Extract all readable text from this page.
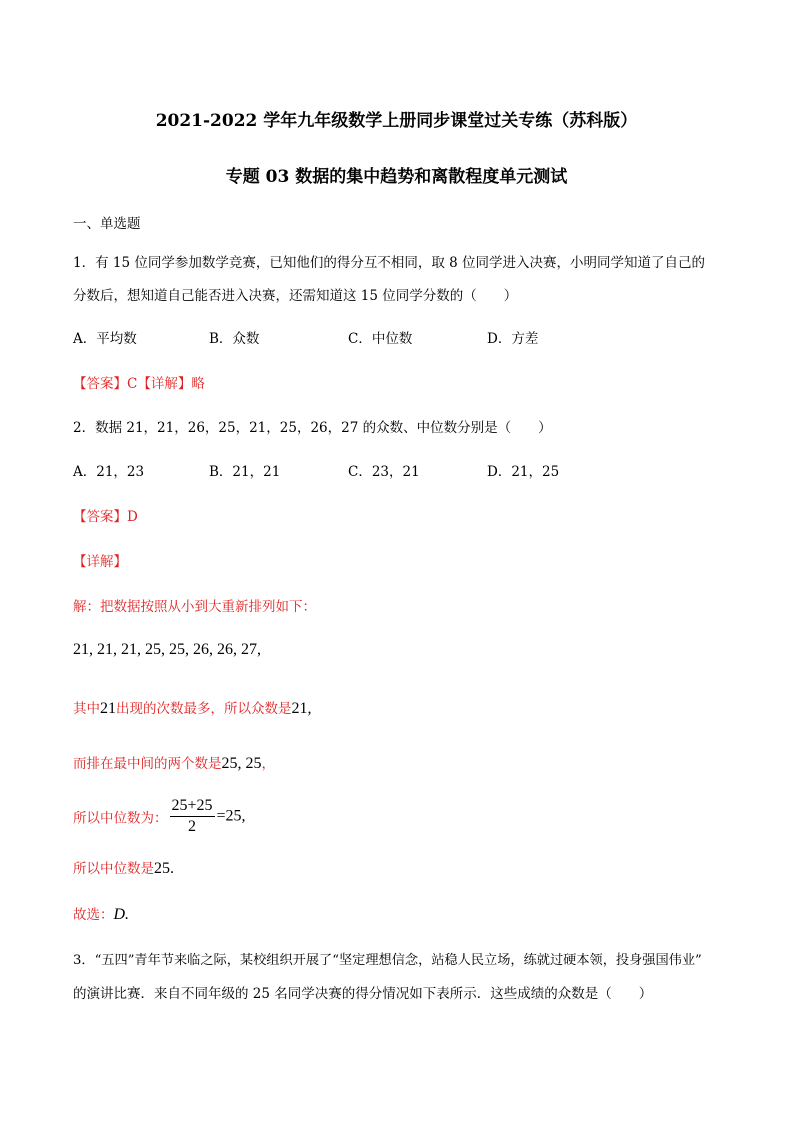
2021-2022 学年九年级数学上册同步课堂过关专练（苏科版）
专题 03 数据的集中趋势和离散程度单元测试
一、单选题
1．有 15 位同学参加数学竞赛，已知他们的得分互不相同，取 8 位同学进入决赛，小明同学知道了自己的
分数后，想知道自己能否进入决赛，还需知道这 15 位同学分数的（　　）
A．平均数	B．众数	C．中位数	D．方差
【答案】C【详解】略
2．数据 21，21，26，25，21，25，26，27 的众数、中位数分别是（　　）
A．21，23	B．21，21	C．23，21	D．21，25
【答案】D
【详解】
解：把数据按照从小到大重新排列如下：
21, 21, 21, 25, 25, 26, 26, 27,
其中21出现的次数最多，所以众数是21,
而排在最中间的两个数是25, 25，
所以中位数为： $\frac{25+25}{2} =25$,
所以中位数是25.
故选：D.
3．“五四”青年节来临之际，某校组织开展了“坚定理想信念，站稳人民立场，练就过硬本领，投身强国伟业”
的演讲比赛．来自不同年级的 25 名同学决赛的得分情况如下表所示．这些成绩的众数是（　　）
